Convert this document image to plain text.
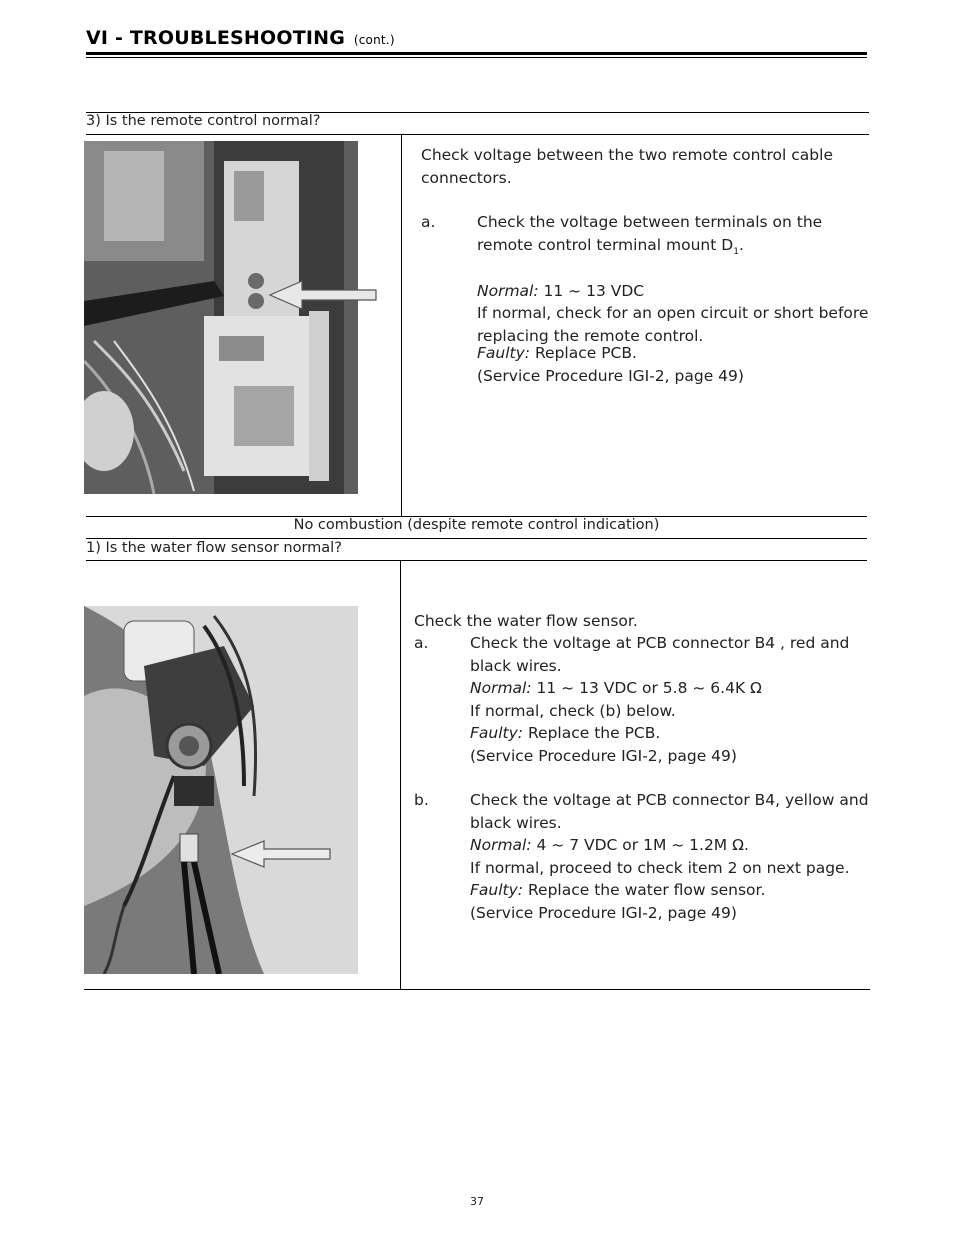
VI - TROUBLESHOOTING (cont.)
3) Is the remote control normal?
Check voltage between the two remote control cable connectors.
a.	Check the voltage between terminals on the remote control terminal mount $D_1$.
Normal: 11 ~ 13 VDC
If normal, check for an open circuit or short before replacing the remote control.
Faulty: Replace PCB.
(Service Procedure IGI-2, page 49)
No combustion (despite remote control indication)
1) Is the water flow sensor normal?
Check the water flow sensor.
a.	Check the voltage at PCB connector B4 , red and black wires.
Normal: 11 ~ 13 VDC or 5.8 ~ 6.4K Ω
If normal, check (b) below.
Faulty: Replace the PCB.
(Service Procedure IGI-2, page 49)
b.	Check the voltage at PCB connector B4, yellow and black wires.
Normal: 4 ~ 7 VDC or 1M ~ 1.2M Ω.
If normal, proceed to check item 2 on next page.
Faulty: Replace the water flow sensor.
(Service Procedure IGI-2, page 49)
37
